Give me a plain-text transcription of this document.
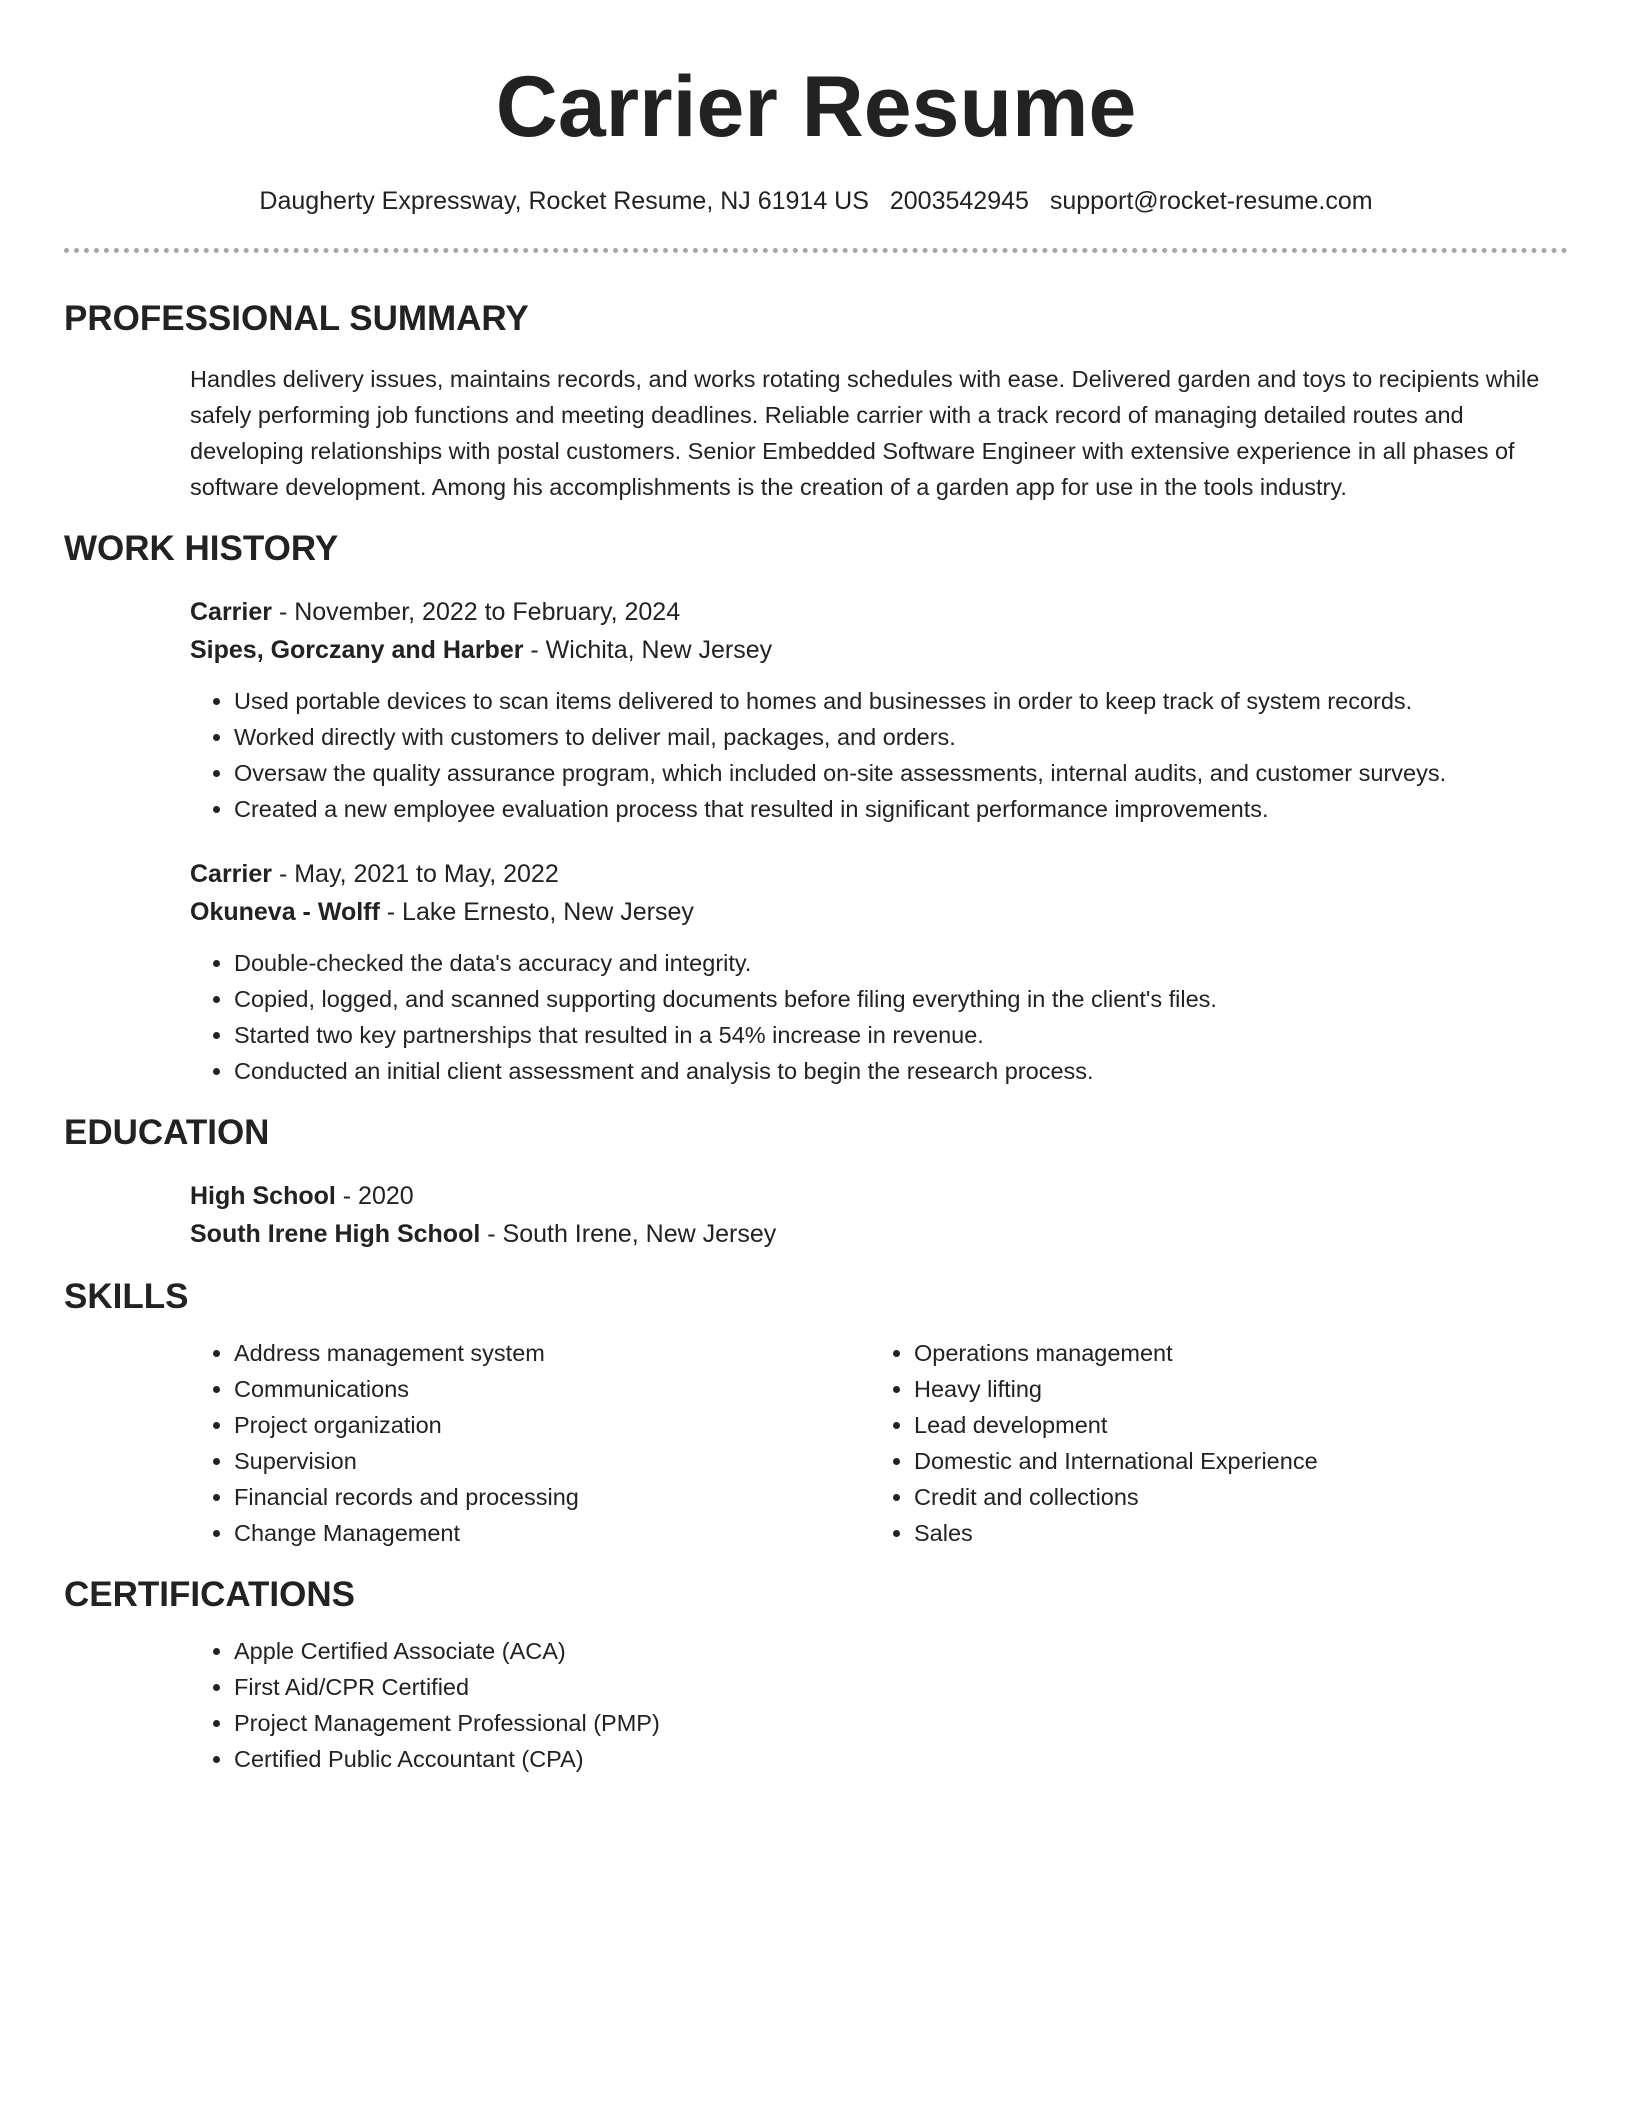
Carrier Resume
Daugherty Expressway, Rocket Resume, NJ 61914 US 2003542945 support@rocket-resume.com
PROFESSIONAL SUMMARY

Handles delivery issues, maintains records, and works rotating schedules with ease. Delivered garden and toys to recipients while safely performing job functions and meeting deadlines. Reliable carrier with a track record of managing detailed routes and developing relationships with postal customers. Senior Embedded Software Engineer with extensive experience in all phases of software development. Among his accomplishments is the creation of a garden app for use in the tools industry.

WORK HISTORY
Carrier - November, 2022 to February, 2024
Sipes, Gorczany and Harber - Wichita, New Jersey
• Used portable devices to scan items delivered to homes and businesses in order to keep track of system records.
• Worked directly with customers to deliver mail, packages, and orders.
• Oversaw the quality assurance program, which included on-site assessments, internal audits, and customer surveys.
• Created a new employee evaluation process that resulted in significant performance improvements.
Carrier - May, 2021 to May, 2022
Okuneva - Wolff - Lake Ernesto, New Jersey
• Double-checked the data's accuracy and integrity.
• Copied, logged, and scanned supporting documents before filing everything in the client's files.
• Started two key partnerships that resulted in a 54% increase in revenue.
• Conducted an initial client assessment and analysis to begin the research process.
EDUCATION
High School - 2020
South Irene High School - South Irene, New Jersey
SKILLS
• Address management system
• Communications
• Project organization
• Supervision
• Financial records and processing
• Change Management
• Operations management
• Heavy lifting
• Lead development
• Domestic and International Experience
• Credit and collections
• Sales
CERTIFICATIONS
• Apple Certified Associate (ACA)
• First Aid/CPR Certified
• Project Management Professional (PMP)
• Certified Public Accountant (CPA)
